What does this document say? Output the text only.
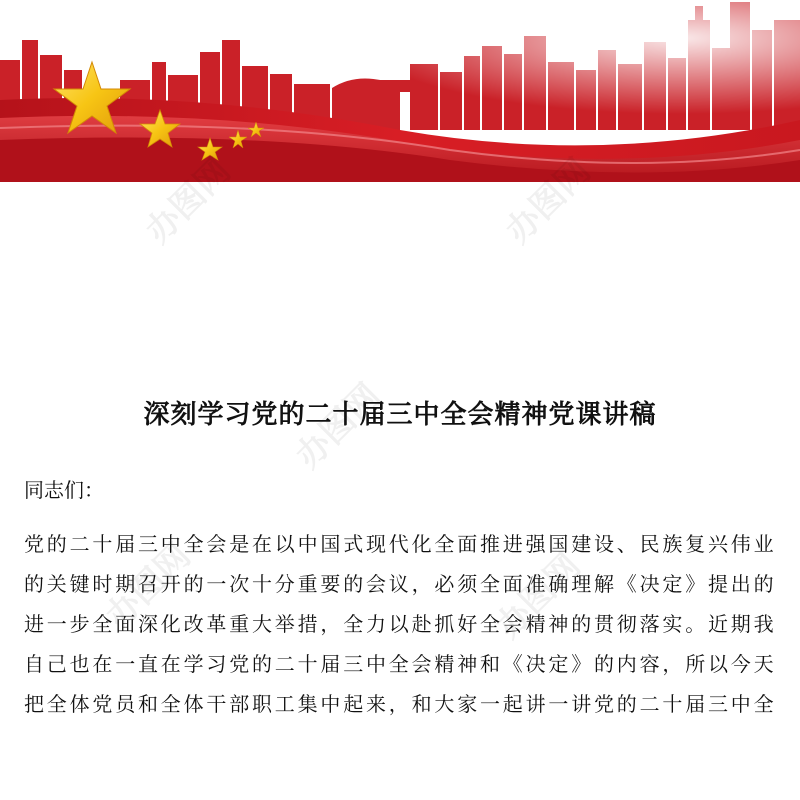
办图网	办图网
办图网
办图网	办图网
深刻学习党的二十届三中全会精神党课讲稿
同志们：

党的二十届三中全会是在以中国式现代化全面推进强国建设、民族复兴伟业
的关键时期召开的一次十分重要的会议，必须全面准确理解《决定》提出的
进一步全面深化改革重大举措，全力以赴抓好全会精神的贯彻落实。近期我
自己也在一直在学习党的二十届三中全会精神和《决定》的内容，所以今天
把全体党员和全体干部职工集中起来，和大家一起讲一讲党的二十届三中全
